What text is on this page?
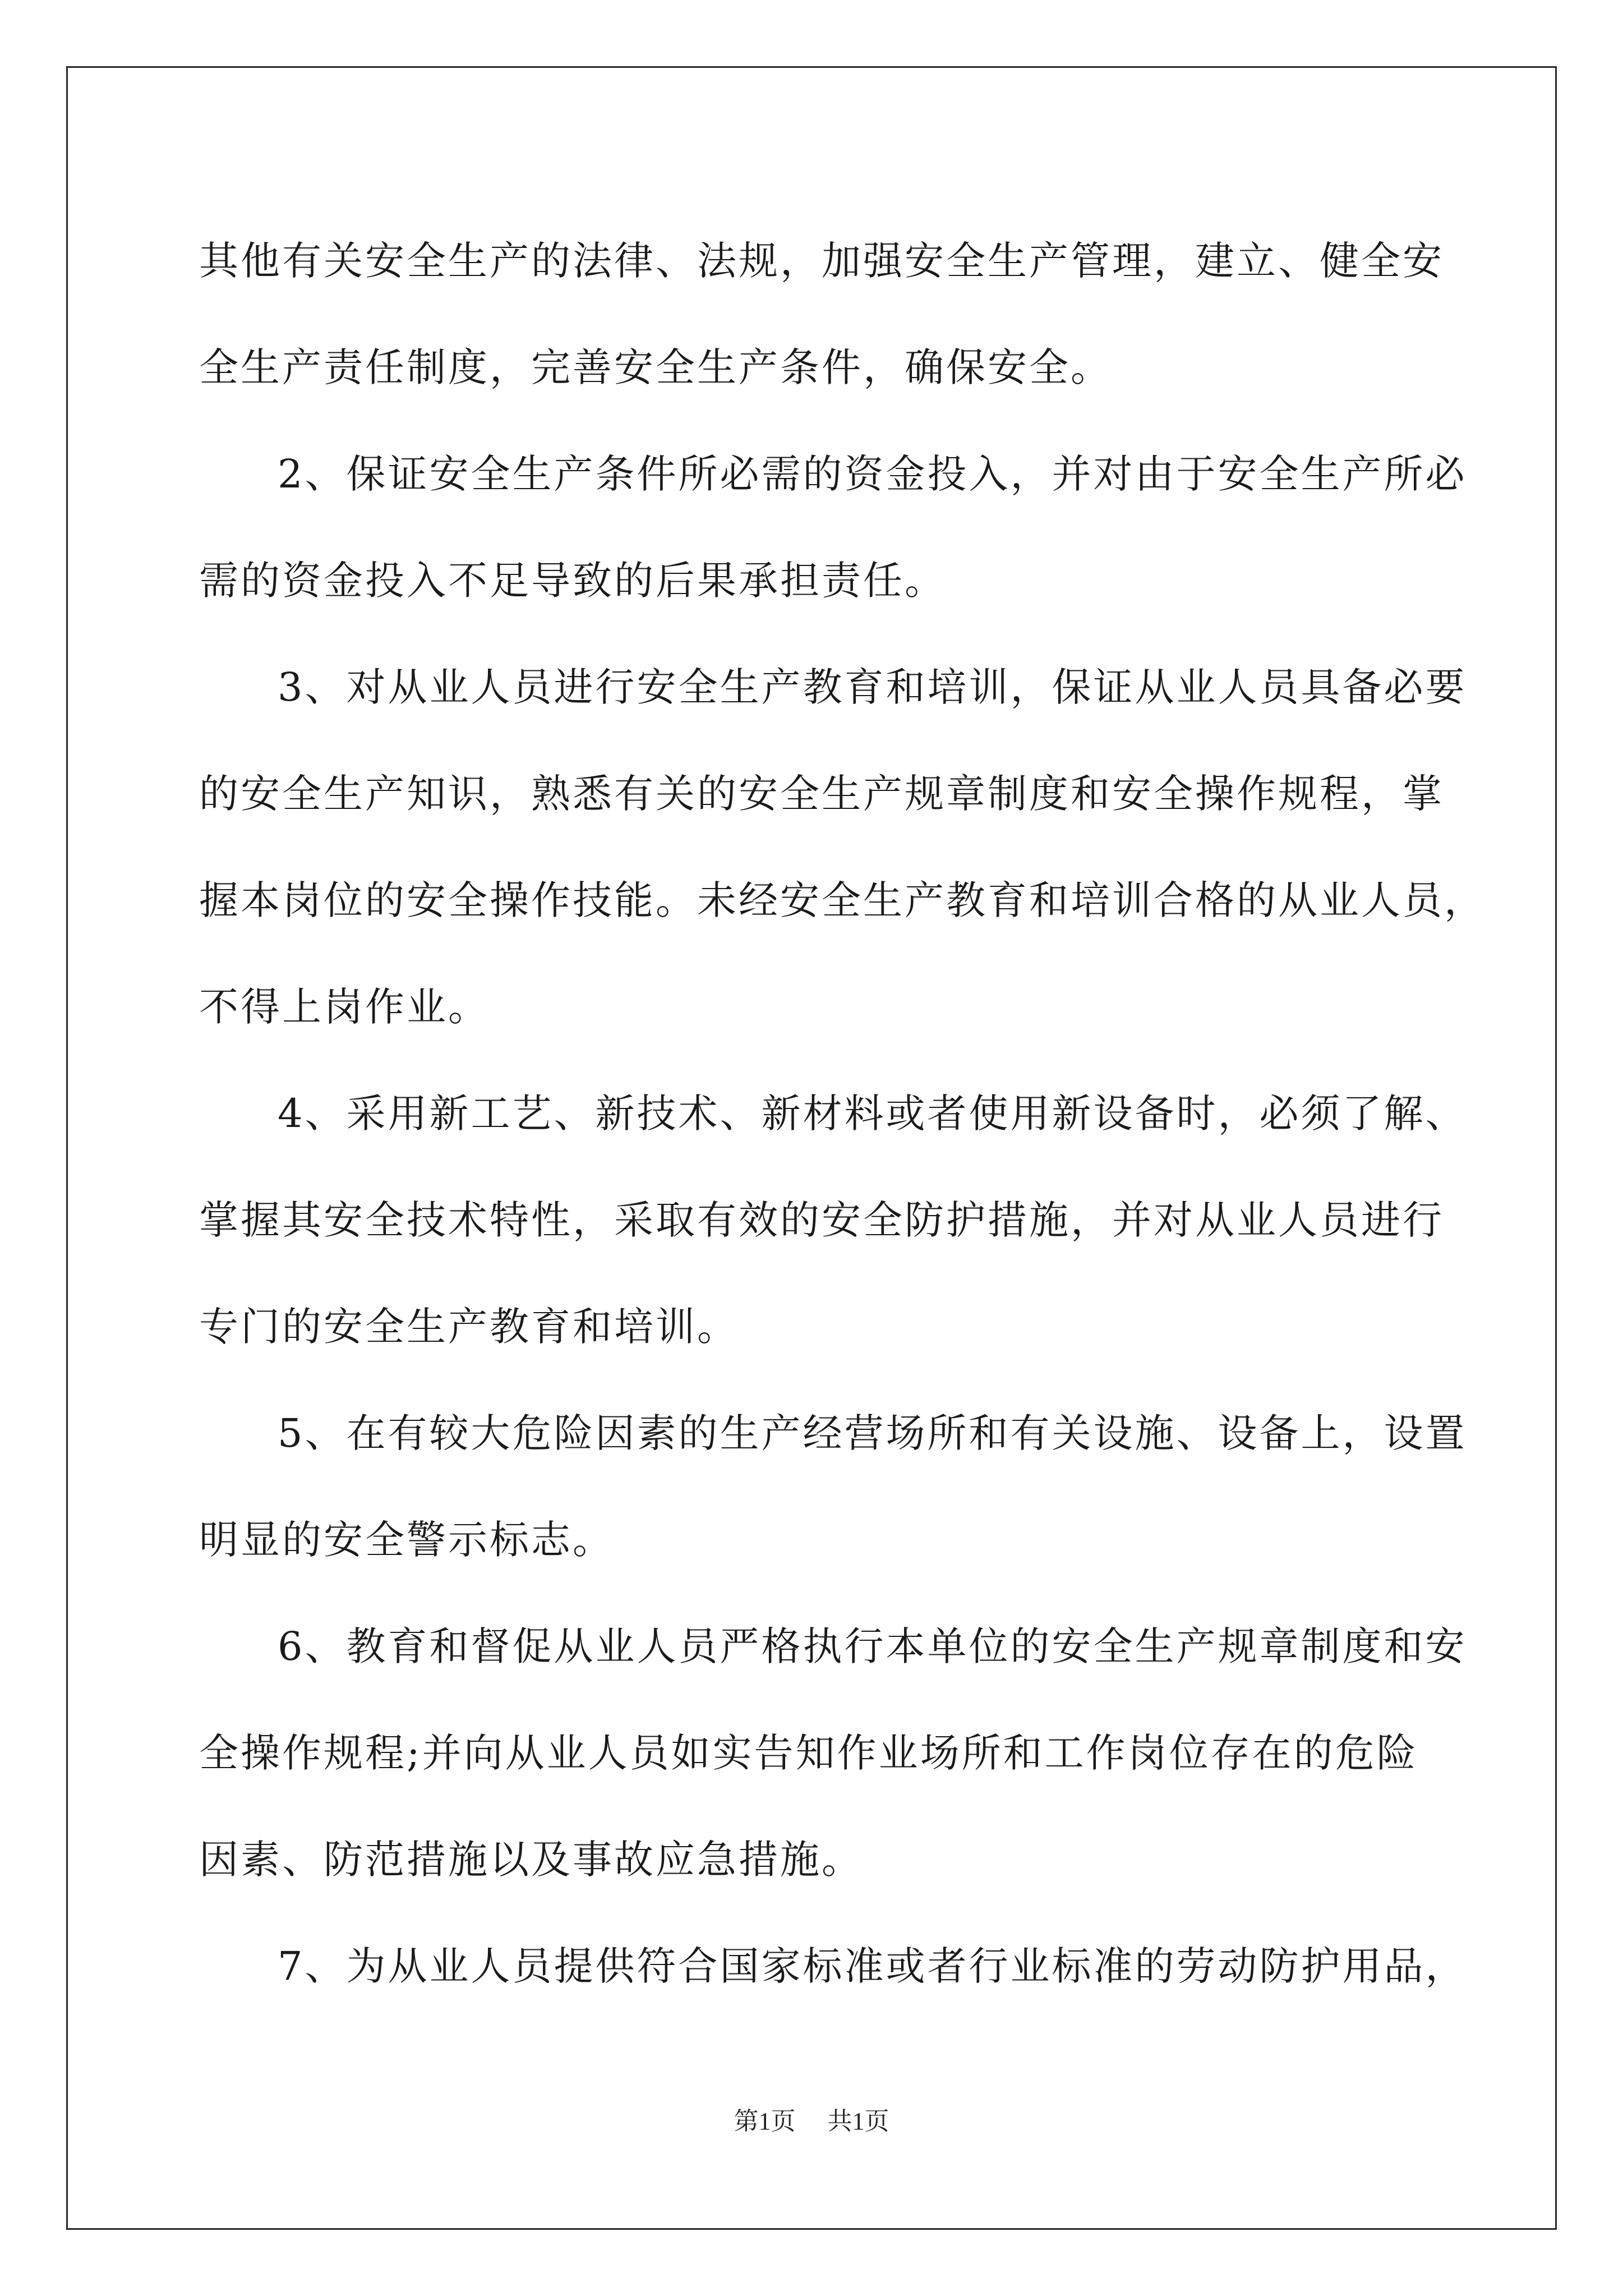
其他有关安全生产的法律、法规，加强安全生产管理，建立、健全安
全生产责任制度，完善安全生产条件，确保安全。

2、保证安全生产条件所必需的资金投入，并对由于安全生产所必
需的资金投入不足导致的后果承担责任。

3、对从业人员进行安全生产教育和培训，保证从业人员具备必要
的安全生产知识，熟悉有关的安全生产规章制度和安全操作规程，掌
握本岗位的安全操作技能。未经安全生产教育和培训合格的从业人员，
不得上岗作业。

4、采用新工艺、新技术、新材料或者使用新设备时，必须了解、
掌握其安全技术特性，采取有效的安全防护措施，并对从业人员进行
专门的安全生产教育和培训。

5、在有较大危险因素的生产经营场所和有关设施、设备上，设置
明显的安全警示标志。

6、教育和督促从业人员严格执行本单位的安全生产规章制度和安
全操作规程;并向从业人员如实告知作业场所和工作岗位存在的危险
因素、防范措施以及事故应急措施。

7、为从业人员提供符合国家标准或者行业标准的劳动防护用品，

第1页 共1页
